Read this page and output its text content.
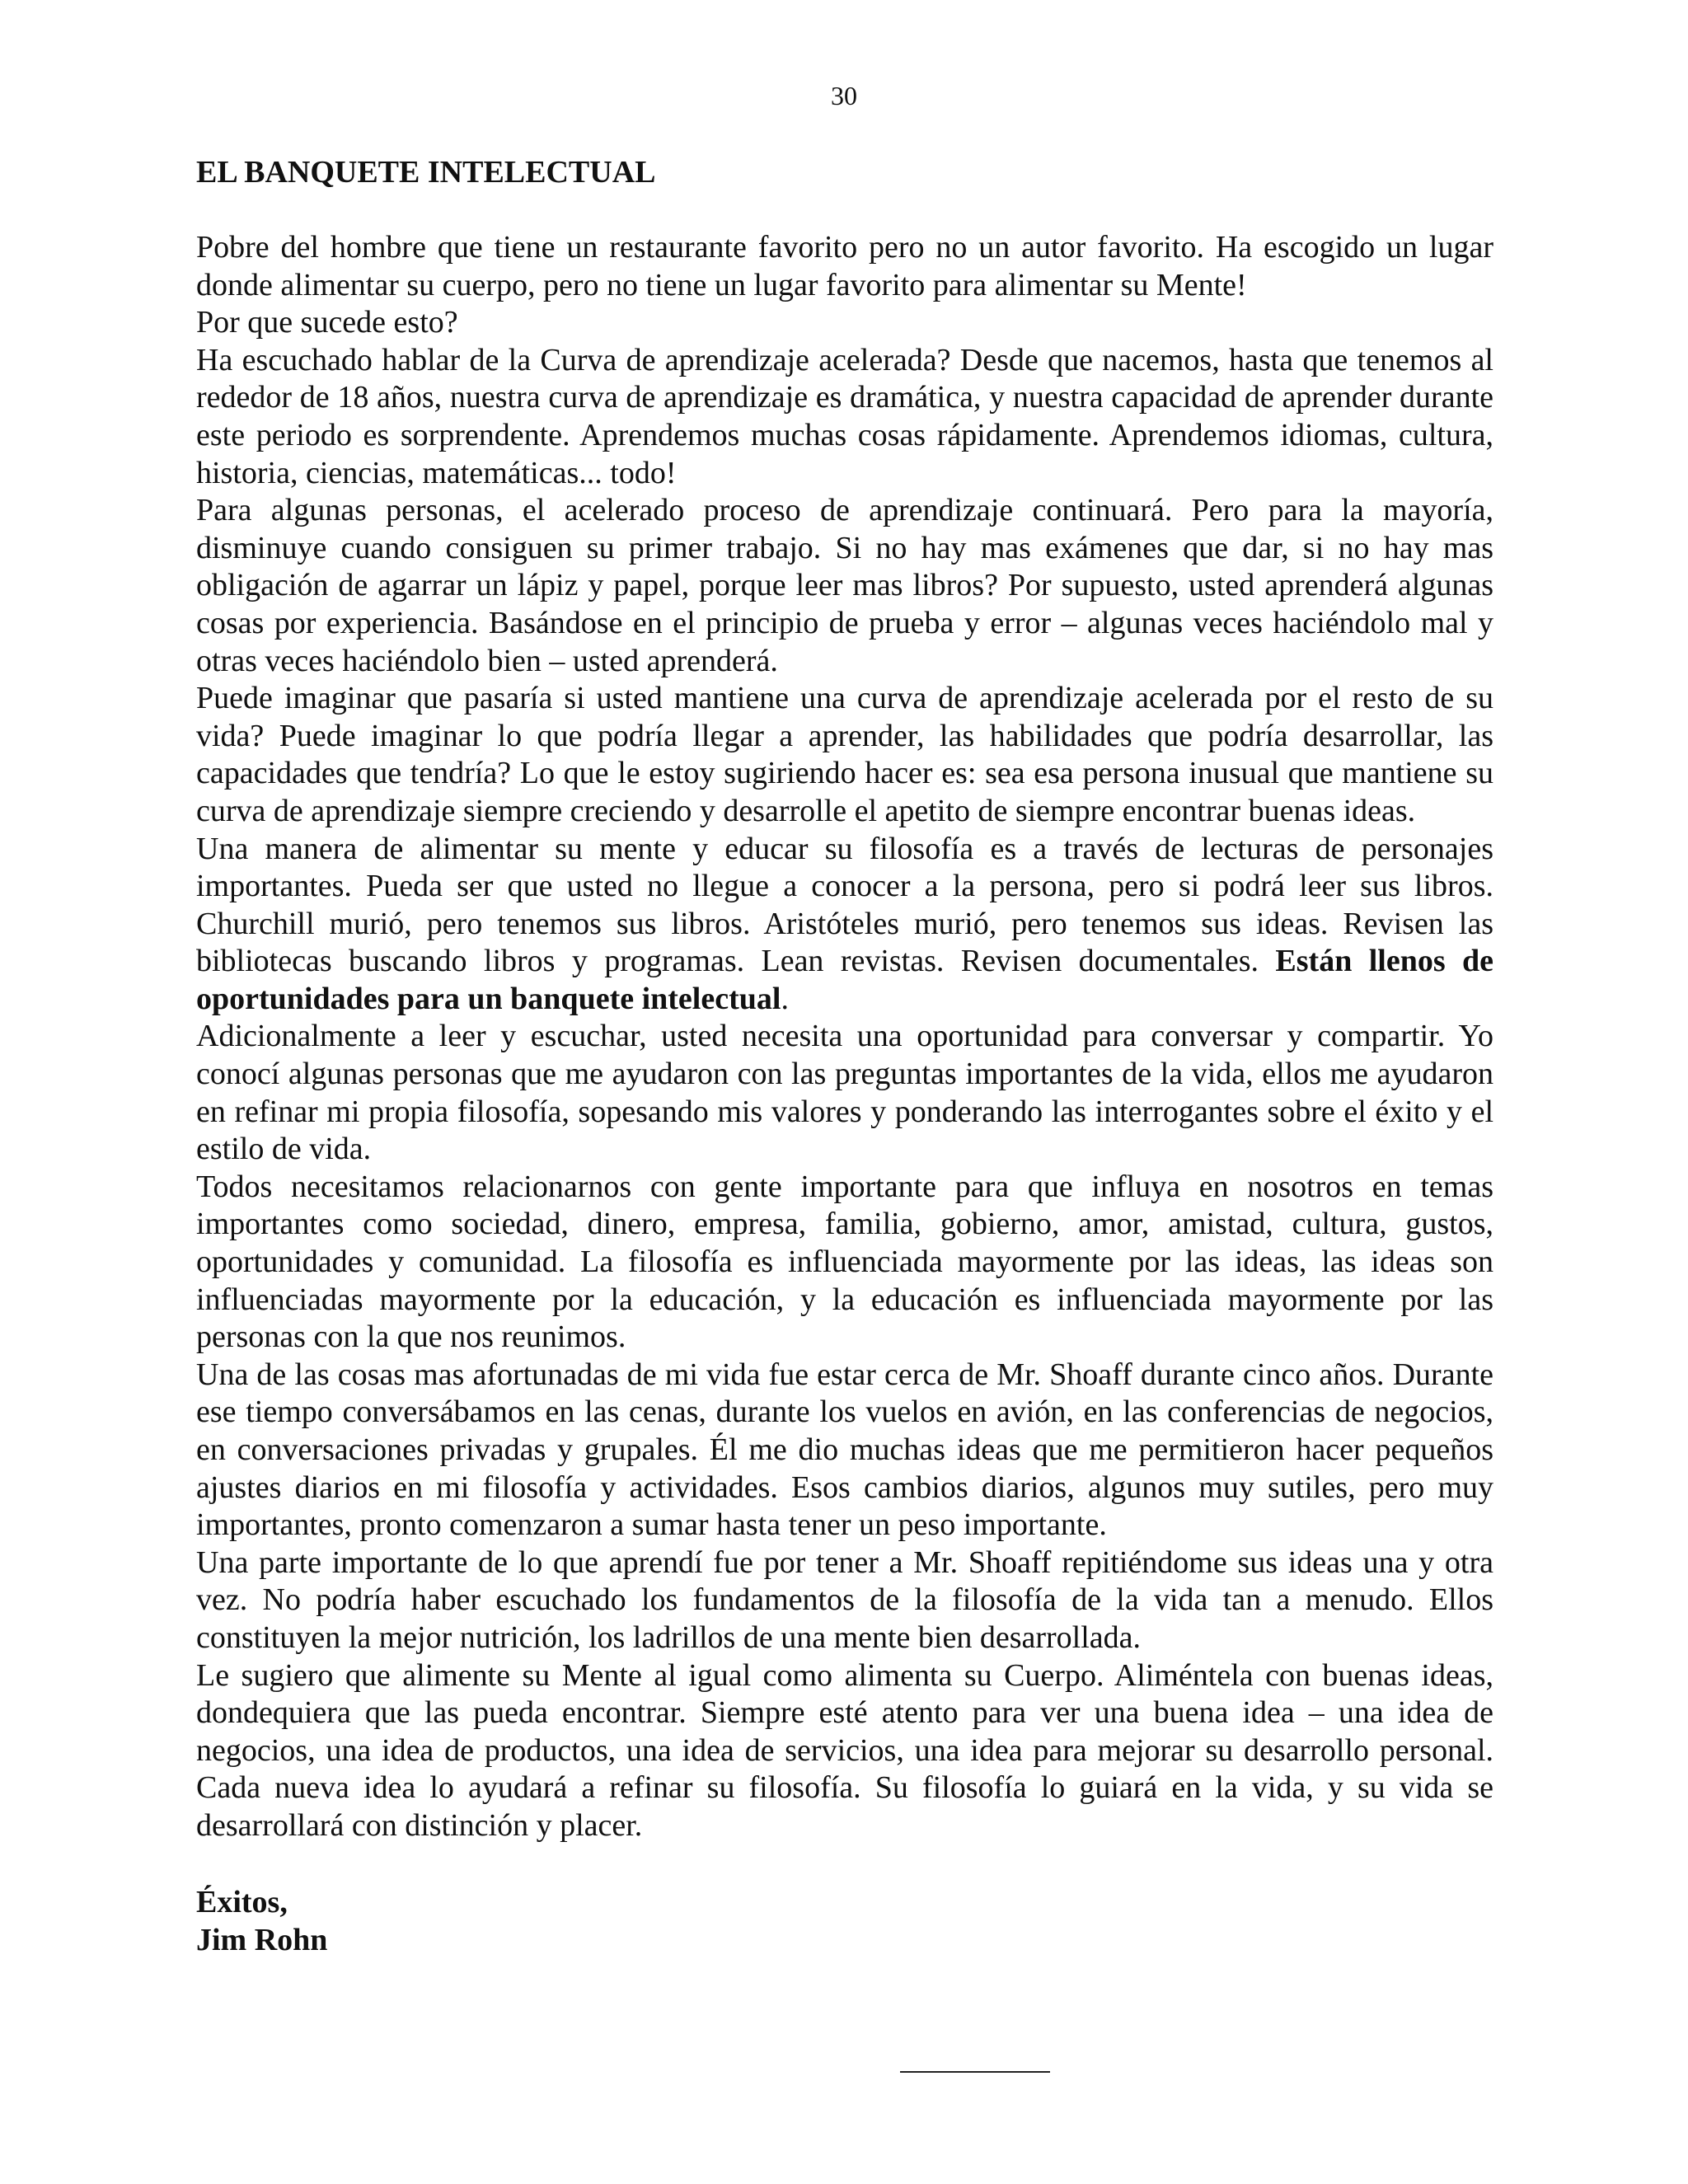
30
EL BANQUETE INTELECTUAL

Pobre del hombre que tiene un restaurante favorito pero no un autor favorito. Ha escogido un lugar donde alimentar su cuerpo, pero no tiene un lugar favorito para alimentar su Mente!

Por que sucede esto?

Ha escuchado hablar de la Curva de aprendizaje acelerada? Desde que nacemos, hasta que tenemos al rededor de 18 años, nuestra curva de aprendizaje es dramática, y nuestra capacidad de aprender durante este periodo es sorprendente. Aprendemos muchas cosas rápidamente. Aprendemos idiomas, cultura, historia, ciencias, matemáticas... todo!

Para algunas personas, el acelerado proceso de aprendizaje continuará. Pero para la mayoría, disminuye cuando consiguen su primer trabajo. Si no hay mas exámenes que dar, si no hay mas obligación de agarrar un lápiz y papel, porque leer mas libros? Por supuesto, usted aprenderá algunas cosas por experiencia. Basándose en el principio de prueba y error – algunas veces haciéndolo mal y otras veces haciéndolo bien – usted aprenderá.

Puede imaginar que pasaría si usted mantiene una curva de aprendizaje acelerada por el resto de su vida? Puede imaginar lo que podría llegar a aprender, las habilidades que podría desarrollar, las capacidades que tendría? Lo que le estoy sugiriendo hacer es: sea esa persona inusual que mantiene su curva de aprendizaje siempre creciendo y desarrolle el apetito de siempre encontrar buenas ideas.

Una manera de alimentar su mente y educar su filosofía es a través de lecturas de personajes importantes. Pueda ser que usted no llegue a conocer a la persona, pero si podrá leer sus libros. Churchill murió, pero tenemos sus libros. Aristóteles murió, pero tenemos sus ideas. Revisen las bibliotecas buscando libros y programas. Lean revistas. Revisen documentales. Están llenos de oportunidades para un banquete intelectual.

Adicionalmente a leer y escuchar, usted necesita una oportunidad para conversar y compartir. Yo conocí algunas personas que me ayudaron con las preguntas importantes de la vida, ellos me ayudaron en refinar mi propia filosofía, sopesando mis valores y ponderando las interrogantes sobre el éxito y el estilo de vida.

Todos necesitamos relacionarnos con gente importante para que influya en nosotros en temas importantes como sociedad, dinero, empresa, familia, gobierno, amor, amistad, cultura, gustos, oportunidades y comunidad. La filosofía es influenciada mayormente por las ideas, las ideas son influenciadas mayormente por la educación, y la educación es influenciada mayormente por las personas con la que nos reunimos.

Una de las cosas mas afortunadas de mi vida fue estar cerca de Mr. Shoaff durante cinco años. Durante ese tiempo conversábamos en las cenas, durante los vuelos en avión, en las conferencias de negocios, en conversaciones privadas y grupales. Él me dio muchas ideas que me permitieron hacer pequeños ajustes diarios en mi filosofía y actividades. Esos cambios diarios, algunos muy sutiles, pero muy importantes, pronto comenzaron a sumar hasta tener un peso importante.

Una parte importante de lo que aprendí fue por tener a Mr. Shoaff repitiéndome sus ideas una y otra vez. No podría haber escuchado los fundamentos de la filosofía de la vida tan a menudo. Ellos constituyen la mejor nutrición, los ladrillos de una mente bien desarrollada.

Le sugiero que alimente su Mente al igual como alimenta su Cuerpo. Aliméntela con buenas ideas, dondequiera que las pueda encontrar. Siempre esté atento para ver una buena idea – una idea de negocios, una idea de productos, una idea de servicios, una idea para mejorar su desarrollo personal. Cada nueva idea lo ayudará a refinar su filosofía. Su filosofía lo guiará en la vida, y su vida se desarrollará con distinción y placer.

Éxitos,
Jim Rohn
